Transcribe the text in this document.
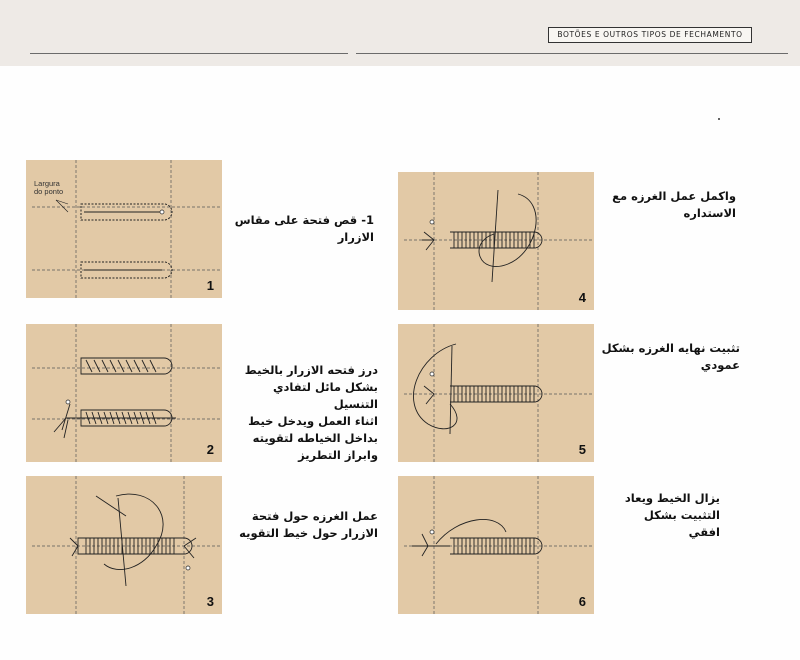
BOTÕES E OUTROS TIPOS DE FECHAMENTO
Largura
do ponto
1
2
3
4
5
6
1- قص فتحة على مقاس
الازرار
درز فتحه الازرار بالخيط
بشكل مائل لتفادي التنسيل
اثناء العمل ويدخل خيط
بداخل الخياطه لتقويته
وابراز التطريز
عمل الغرزه حول فتحة
الازرار حول خيط التقويه
واكمل عمل الغرزه مع
الاستداره
تثبيت نهايه الغرزه بشكل
عمودي
يزال الخيط ويعاد
التثبيت بشكل افقي
